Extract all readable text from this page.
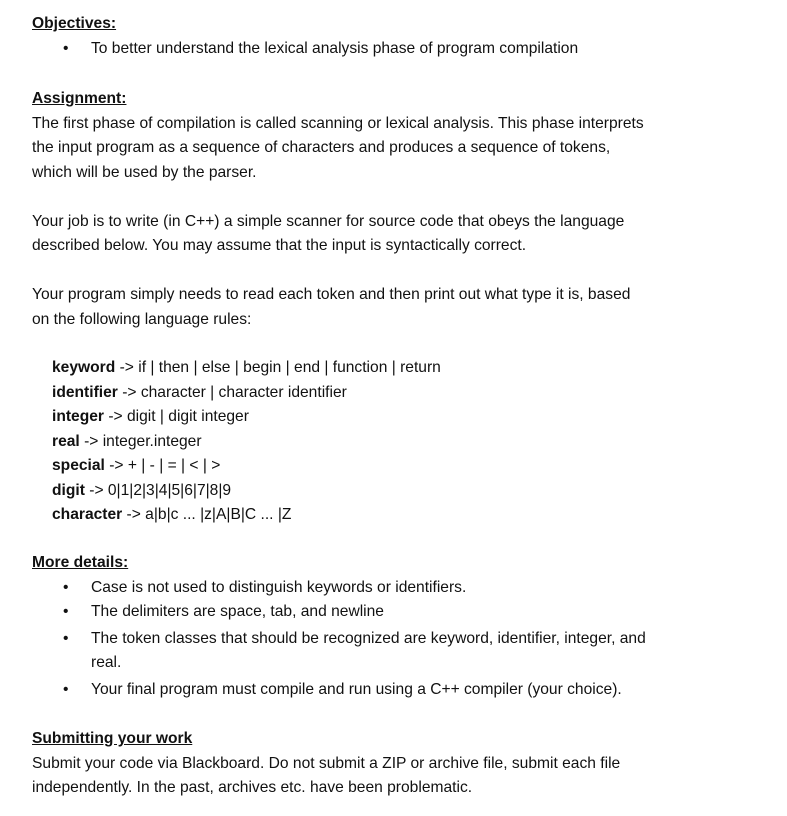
Objectives:
• To better understand the lexical analysis phase of program compilation
Assignment:
The first phase of compilation is called scanning or lexical analysis. This phase interprets
the input program as a sequence of characters and produces a sequence of tokens,
which will be used by the parser.
Your job is to write (in C++) a simple scanner for source code that obeys the language
described below. You may assume that the input is syntactically correct.
Your program simply needs to read each token and then print out what type it is, based
on the following language rules:
keyword -> if | then | else | begin | end | function | return
identifier -> character | character identifier
integer -> digit | digit integer
real -> integer.integer
special -> + | - | = | < | >
digit -> 0|1|2|3|4|5|6|7|8|9
character -> a|b|c ... |z|A|B|C ... |Z
More details:
• Case is not used to distinguish keywords or identifiers.
• The delimiters are space, tab, and newline
• The token classes that should be recognized are keyword, identifier, integer, and
real.
• Your final program must compile and run using a C++ compiler (your choice).
Submitting your work
Submit your code via Blackboard. Do not submit a ZIP or archive file, submit each file
independently. In the past, archives etc. have been problematic.
